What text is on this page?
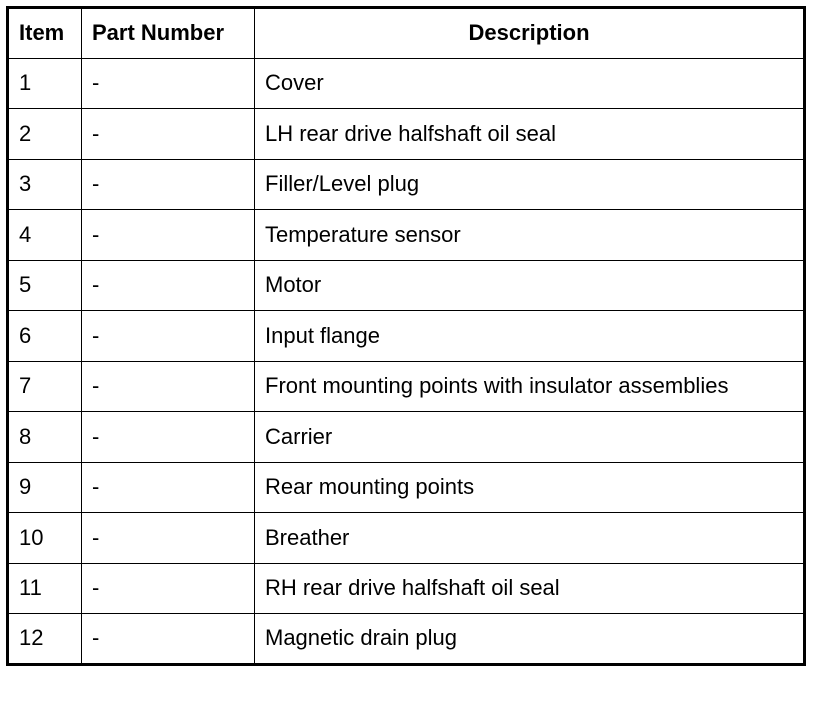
Item	Part Number	Description
1	-	Cover
2	-	LH rear drive halfshaft oil seal
3	-	Filler/Level plug
4	-	Temperature sensor
5	-	Motor
6	-	Input flange
7	-	Front mounting points with insulator assemblies
8	-	Carrier
9	-	Rear mounting points
10	-	Breather
11	-	RH rear drive halfshaft oil seal
12	-	Magnetic drain plug
